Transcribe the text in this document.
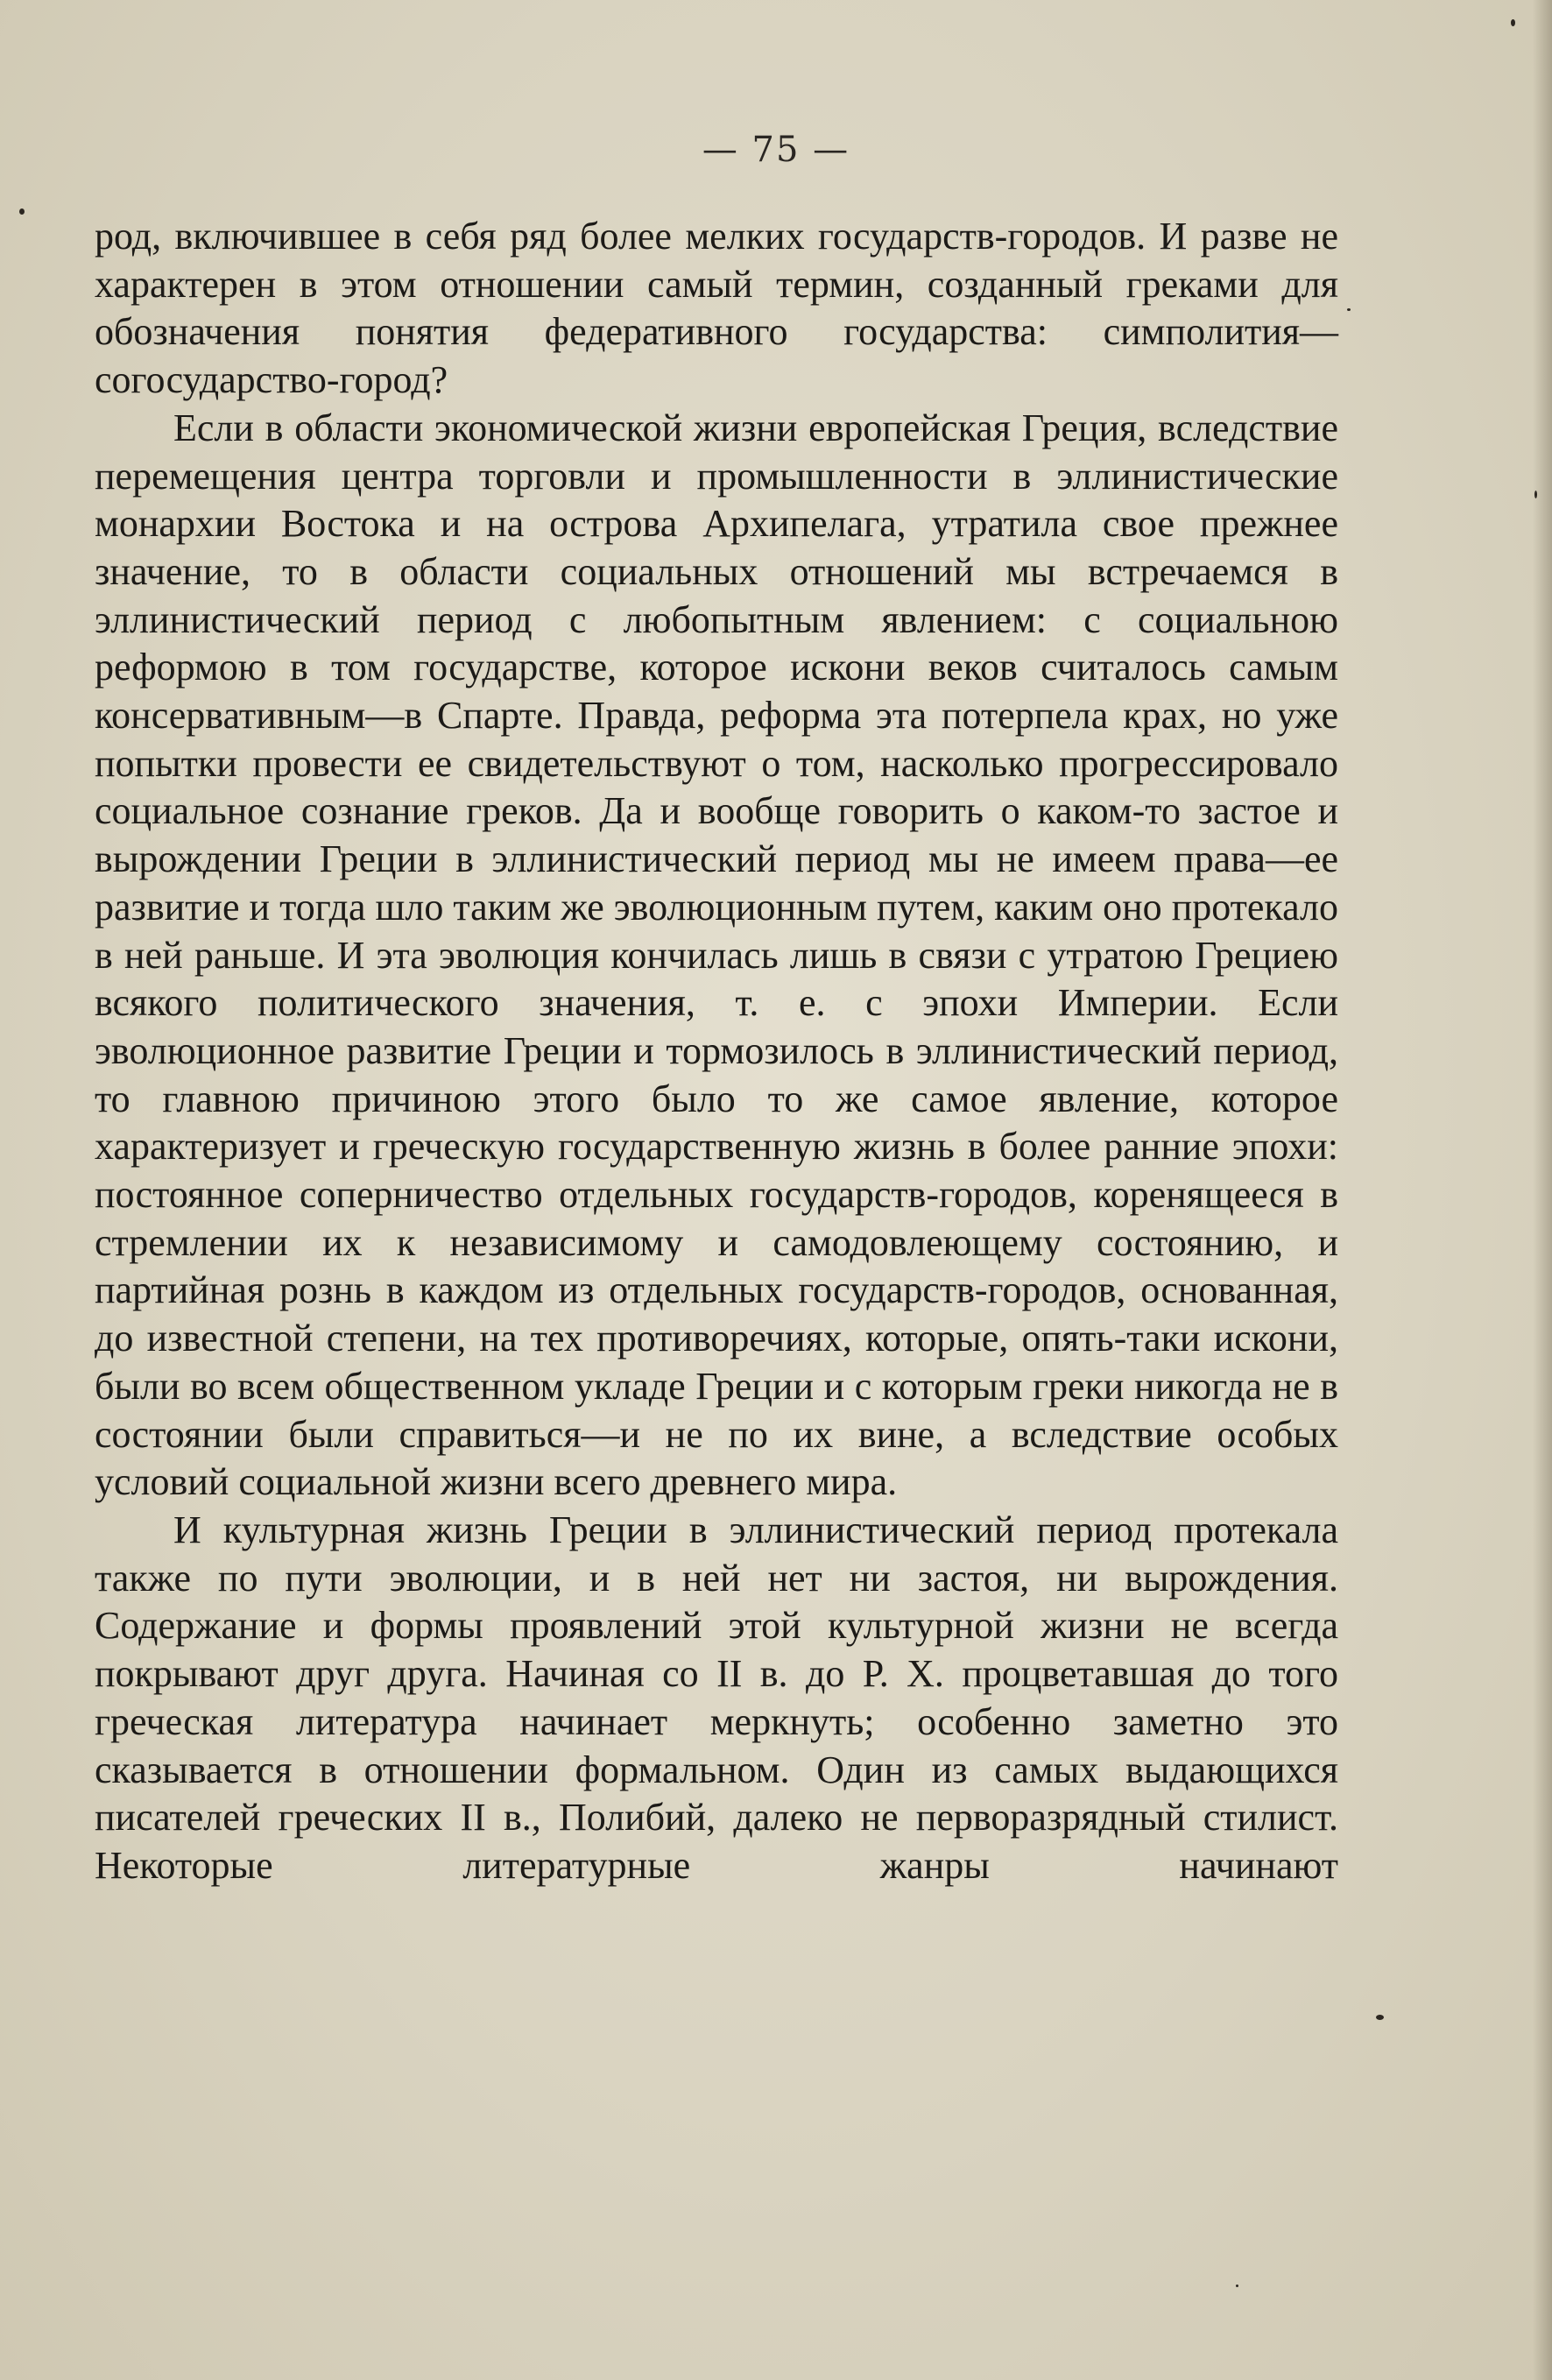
— 75 —

род, включившее в себя ряд более мелких государств-городов. И разве не характерен в этом отношении самый термин, созданный греками для обозначения понятия федеративного государства: симполития—согосударство-город?

Если в области экономической жизни европейская Греция, вследствие перемещения центра торговли и промышленности в эллинистические монархии Востока и на острова Архипелага, утратила свое прежнее значение, то в области социальных отношений мы встречаемся в эллинистический период с любопытным явлением: с социальною реформою в том государстве, которое искони веков считалось самым консервативным—в Спарте. Правда, реформа эта потерпела крах, но уже попытки провести ее свидетельствуют о том, насколько прогрессировало социальное сознание греков. Да и вообще говорить о каком-то застое и вырождении Греции в эллинистический период мы не имеем права—ее развитие и тогда шло таким же эволюционным путем, каким оно протекало в ней раньше. И эта эволюция кончилась лишь в связи с утратою Грециею всякого политического значения, т. е. с эпохи Империи. Если эволюционное развитие Греции и тормозилось в эллинистический период, то главною причиною этого было то же самое явление, которое характеризует и греческую государственную жизнь в более ранние эпохи: постоянное соперничество отдельных государств-городов, коренящееся в стремлении их к независимому и самодовлеющему состоянию, и партийная рознь в каждом из отдельных государств-городов, основанная, до известной степени, на тех противоречиях, которые, опять-таки искони, были во всем общественном укладе Греции и с которым греки никогда не в состоянии были справиться—и не по их вине, а вследствие особых условий социальной жизни всего древнего мира.

И культурная жизнь Греции в эллинистический период протекала также по пути эволюции, и в ней нет ни застоя, ни вырождения. Содержание и формы проявлений этой культурной жизни не всегда покрывают друг друга. Начиная со II в. до Р. Х. процветавшая до того греческая литература начинает меркнуть; особенно заметно это сказывается в отношении формальном. Один из самых выдающихся писателей греческих II в., Полибий, далеко не перворазрядный стилист. Некоторые литературные жанры начинают
